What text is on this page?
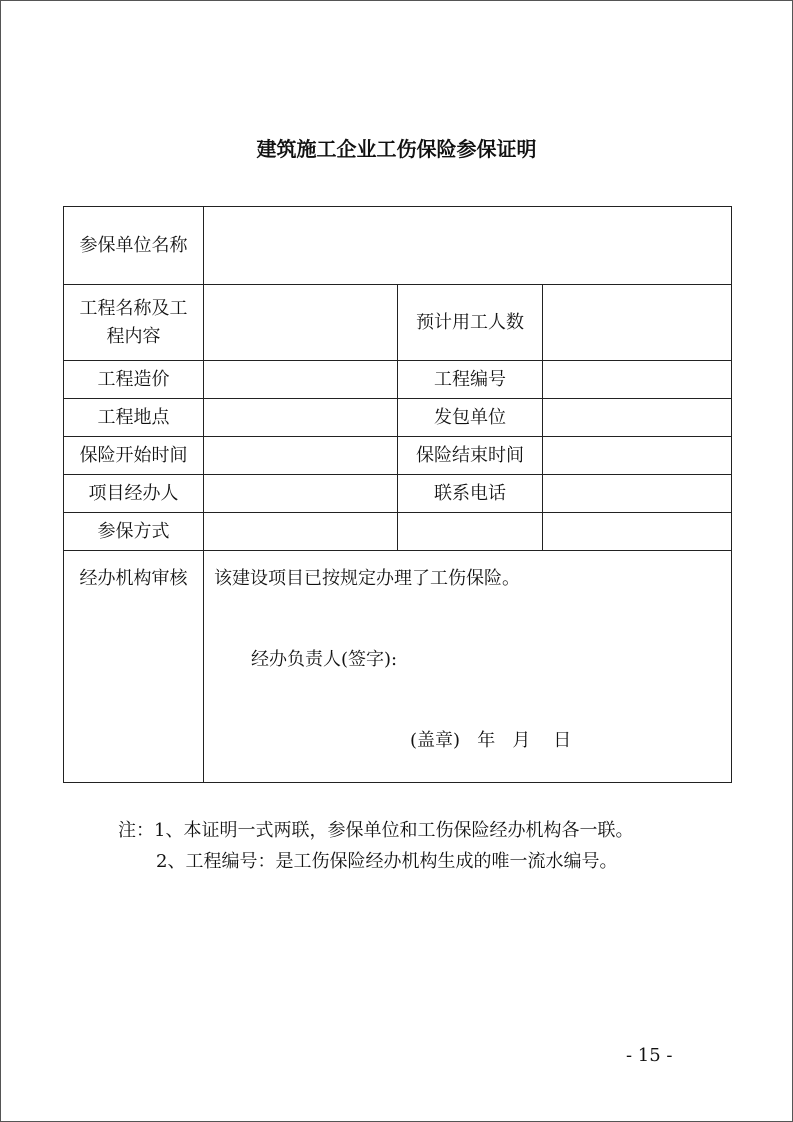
建筑施工企业工伤保险参保证明
参保单位名称			

工程名称及工
程内容		预计用工人数	
工程造价		工程编号	
工程地点		发包单位	
保险开始时间		保险结束时间	
项目经办人		联系电话	
参保方式			

经办机构审核	该建设项目已按规定办理了工伤保险。
经办负责人(签字):
(盖章)   年   月    日		
注：1、本证明一式两联，参保单位和工伤保险经办机构各一联。
2、工程编号：是工伤保险经办机构生成的唯一流水编号。
- 15 -
